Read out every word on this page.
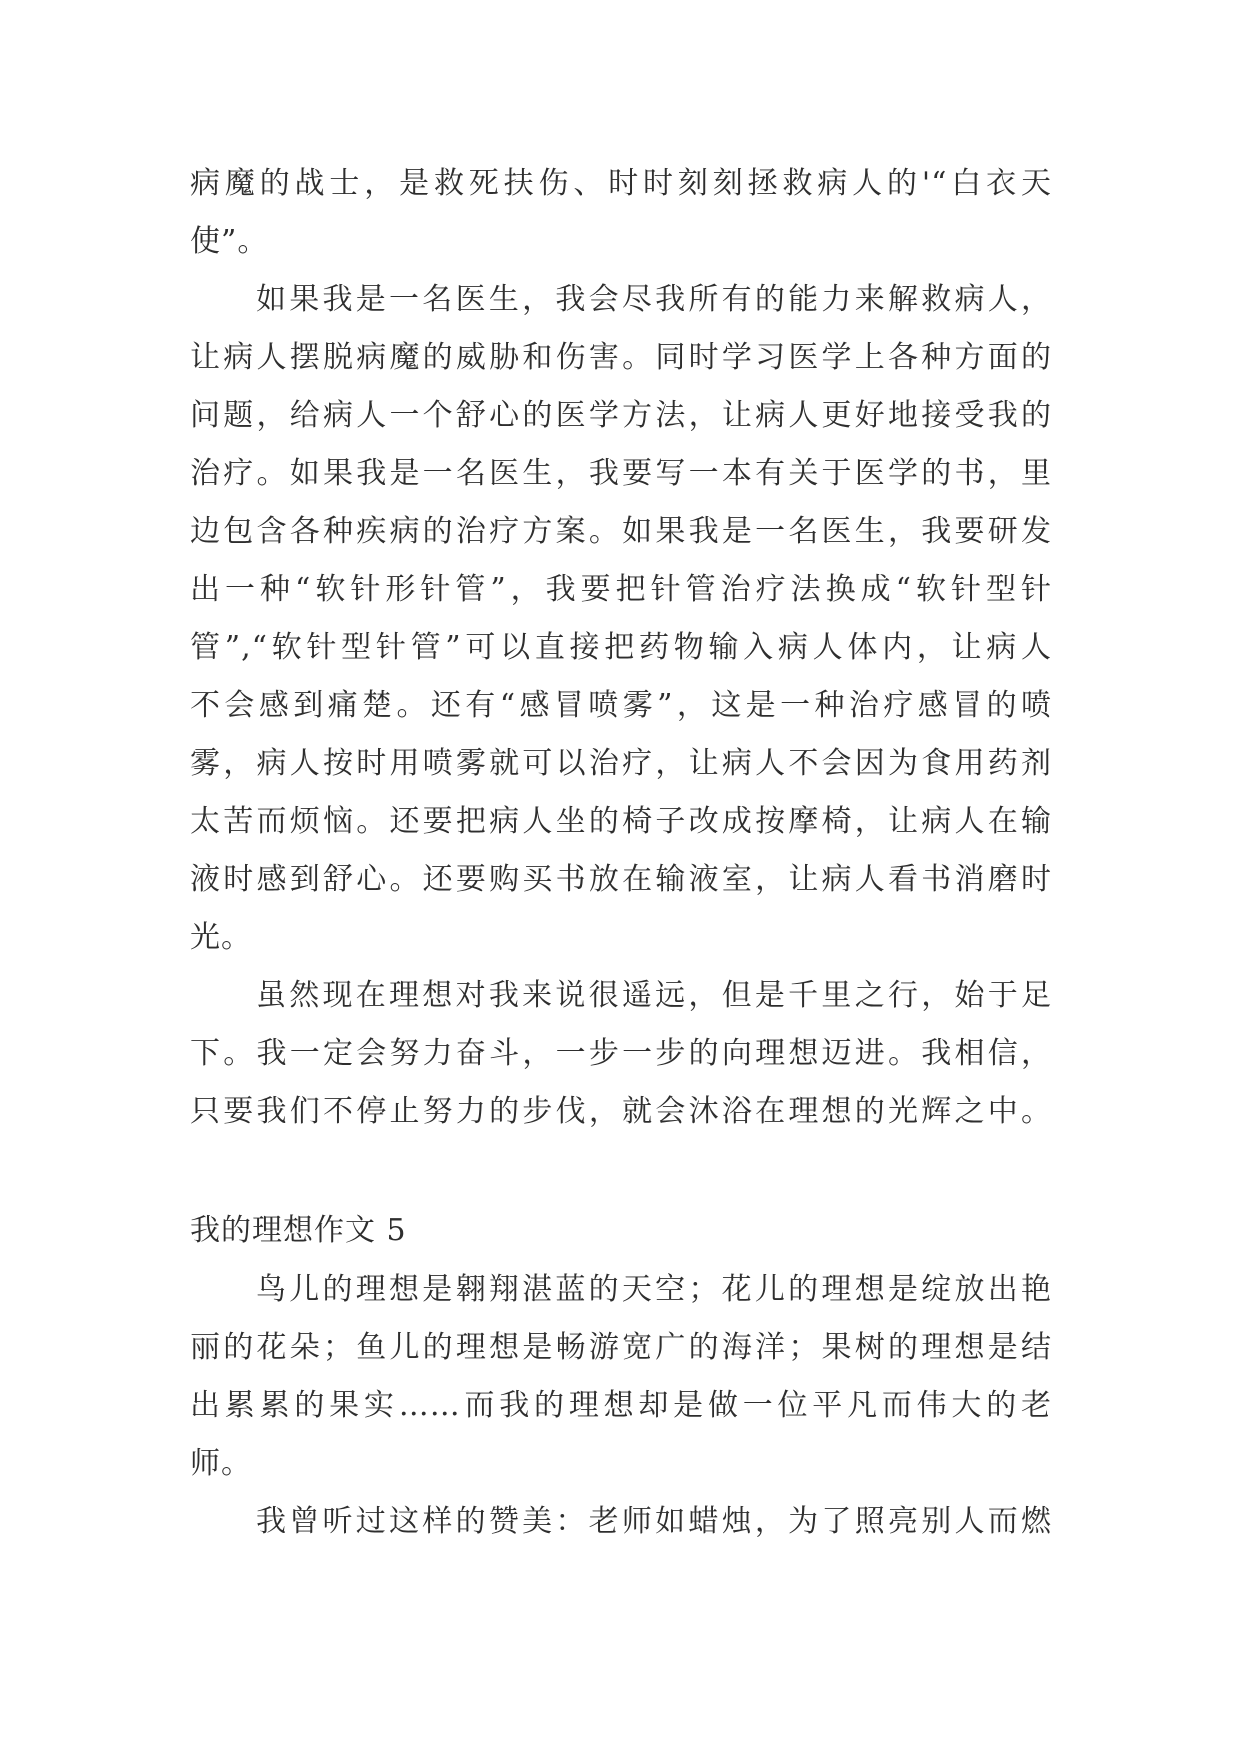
病魔的战士，是救死扶伤、时时刻刻拯救病人的'“白衣天
使”。
如果我是一名医生，我会尽我所有的能力来解救病人，
让病人摆脱病魔的威胁和伤害。同时学习医学上各种方面的
问题，给病人一个舒心的医学方法，让病人更好地接受我的
治疗。如果我是一名医生，我要写一本有关于医学的书，里
边包含各种疾病的治疗方案。如果我是一名医生，我要研发
出一种“软针形针管”，我要把针管治疗法换成“软针型针
管”,“软针型针管”可以直接把药物输入病人体内，让病人
不会感到痛楚。还有“感冒喷雾”，这是一种治疗感冒的喷
雾，病人按时用喷雾就可以治疗，让病人不会因为食用药剂
太苦而烦恼。还要把病人坐的椅子改成按摩椅，让病人在输
液时感到舒心。还要购买书放在输液室，让病人看书消磨时
光。
虽然现在理想对我来说很遥远，但是千里之行，始于足
下。我一定会努力奋斗，一步一步的向理想迈进。我相信，
只要我们不停止努力的步伐，就会沐浴在理想的光辉之中。
我的理想作文 5
鸟儿的理想是翱翔湛蓝的天空；花儿的理想是绽放出艳
丽的花朵；鱼儿的理想是畅游宽广的海洋；果树的理想是结
出累累的果实……而我的理想却是做一位平凡而伟大的老
师。
我曾听过这样的赞美：老师如蜡烛，为了照亮别人而燃
